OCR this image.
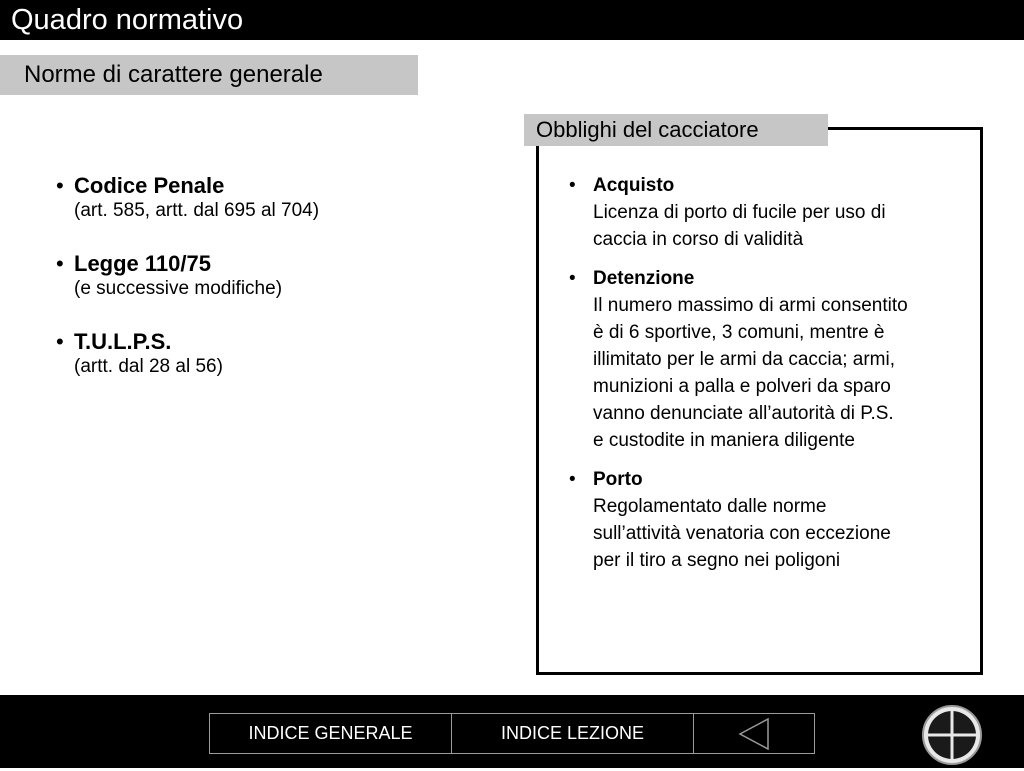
Quadro normativo
Norme di carattere generale
• Codice Penale
(art. 585, artt. dal 695 al 704)
• Legge 110/75
(e successive modifiche)
• T.U.L.P.S.
(artt. dal 28 al 56)
Obblighi del cacciatore
• Acquisto
Licenza di porto di fucile per uso di
caccia in corso di validità
• Detenzione
Il numero massimo di armi consentito
è di 6 sportive, 3 comuni, mentre è
illimitato per le armi da caccia; armi,
munizioni a palla e polveri da sparo
vanno denunciate all’autorità di P.S.
e custodite in maniera diligente
• Porto
Regolamentato dalle norme
sull’attività venatoria con eccezione
per il tiro a segno nei poligoni
INDICE GENERALE	INDICE LEZIONE
